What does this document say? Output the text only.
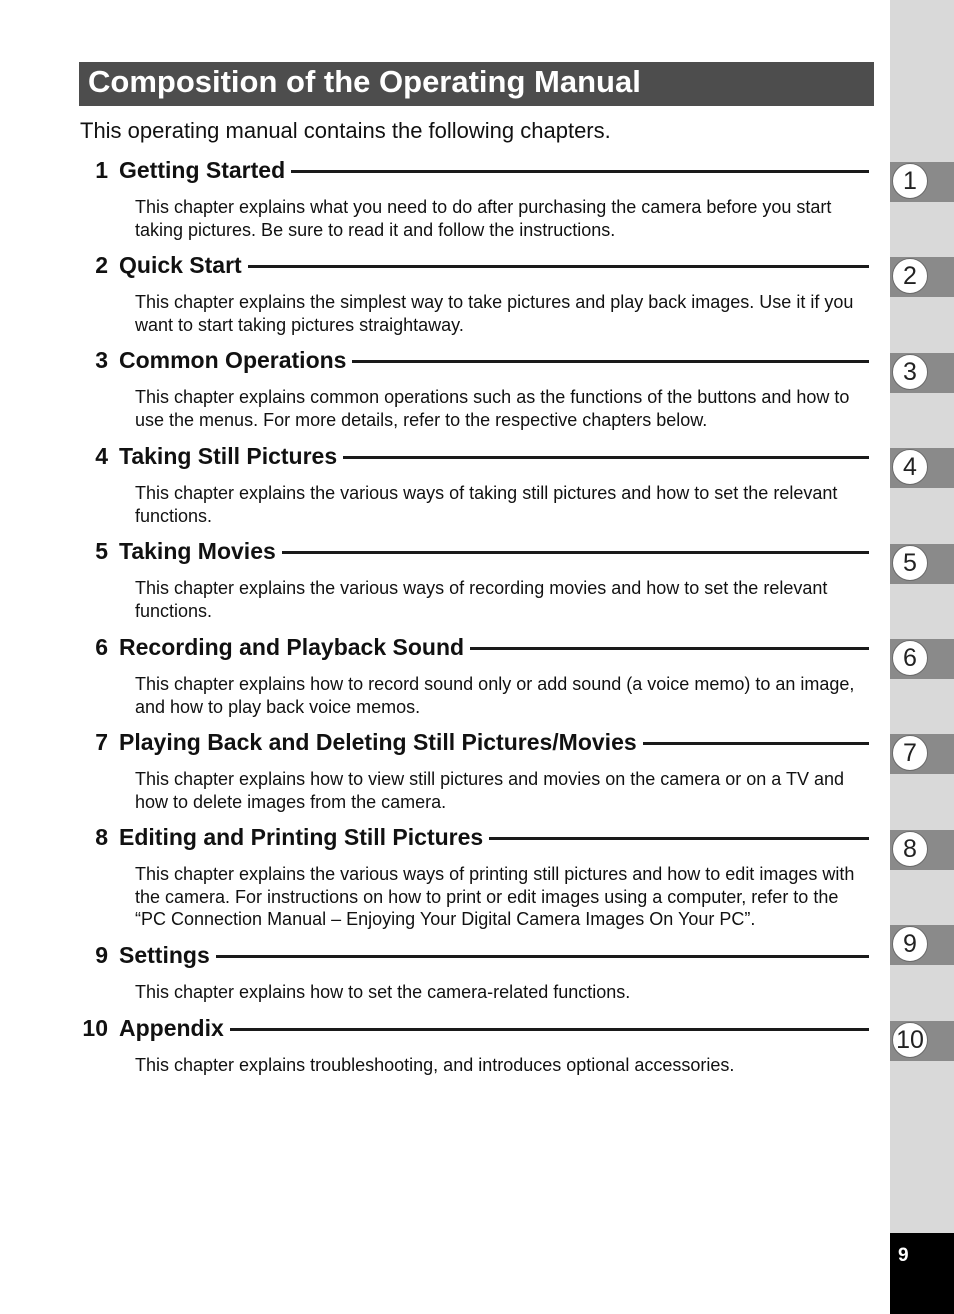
Composition of the Operating Manual
This operating manual contains the following chapters.
1 Getting Started
This chapter explains what you need to do after purchasing the camera before you start taking pictures. Be sure to read it and follow the instructions.
2 Quick Start
This chapter explains the simplest way to take pictures and play back images. Use it if you want to start taking pictures straightaway.
3 Common Operations
This chapter explains common operations such as the functions of the buttons and how to use the menus. For more details, refer to the respective chapters below.
4 Taking Still Pictures
This chapter explains the various ways of taking still pictures and how to set the relevant functions.
5 Taking Movies
This chapter explains the various ways of recording movies and how to set the relevant functions.
6 Recording and Playback Sound
This chapter explains how to record sound only or add sound (a voice memo) to an image, and how to play back voice memos.
7 Playing Back and Deleting Still Pictures/Movies
This chapter explains how to view still pictures and movies on the camera or on a TV and how to delete images from the camera.
8 Editing and Printing Still Pictures
This chapter explains the various ways of printing still pictures and how to edit images with the camera. For instructions on how to print or edit images using a computer, refer to the “PC Connection Manual – Enjoying Your Digital Camera Images On Your PC”.
9 Settings
This chapter explains how to set the camera-related functions.
10 Appendix
This chapter explains troubleshooting, and introduces optional accessories.
1
2
3
4
5
6
7
8
9
10
9
